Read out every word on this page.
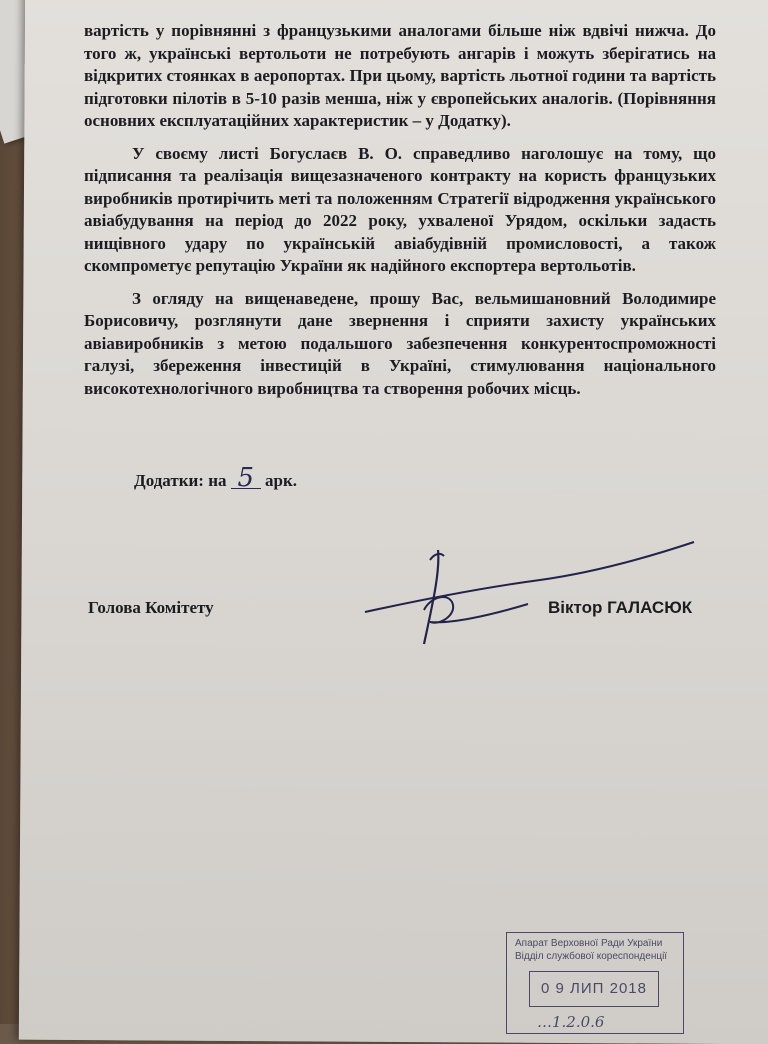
вартість у порівнянні з французькими аналогами більше ніж вдвічі нижча. До того ж, українські вертольоти не потребують ангарів і можуть зберігатись на відкритих стоянках в аеропортах. При цьому, вартість льотної години та вартість підготовки пілотів в 5-10 разів менша, ніж у європейських аналогів. (Порівняння основних експлуатаційних характеристик – у Додатку).

У своєму листі Богуслаєв В. О. справедливо наголошує на тому, що підписання та реалізація вищезазначеного контракту на користь французьких виробників протирічить меті та положенням Стратегії відродження українського авіабудування на період до 2022 року, ухваленої Урядом, оскільки задасть нищівного удару по українській авіабудівній промисловості, а також скомпрометує репутацію України як надійного експортера вертольотів.

З огляду на вищенаведене, прошу Вас, вельмишановний Володимире Борисовичу, розглянути дане звернення і сприяти захисту українських авіавиробників з метою подальшого забезпечення конкурентоспроможності галузі, збереження інвестицій в Україні, стимулювання національного високотехнологічного виробництва та створення робочих місць.

Додатки: на 5 арк.
Голова Комітету	Віктор ГАЛАСЮК
Апарат Верховної Ради України
Відділ службової кореспонденції
0 9 ЛИП 2018
…1.2.0.6
